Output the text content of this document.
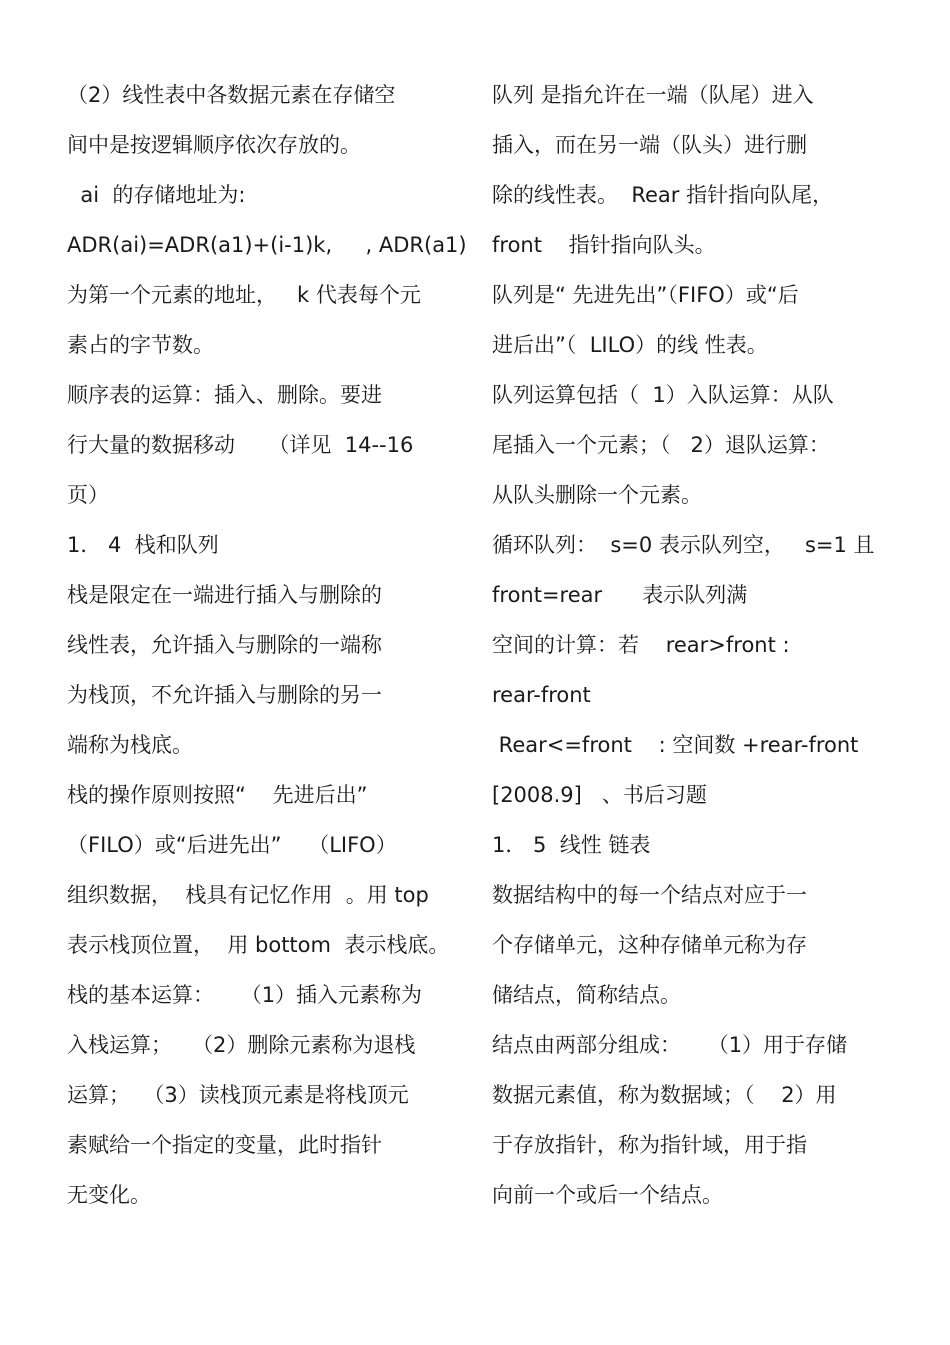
（2）线性表中各数据元素在存储空
间中是按逻辑顺序依次存放的。
ai  的存储地址为:
ADR(ai)=ADR(a1)+(i-1)k,     , ADR(a1)
为第一个元素的地址，   k 代表每个元
素占的字节数。
顺序表的运算：插入、删除。要进
行大量的数据移动     （详见  14--16
页）
1． 4  栈和队列
栈是限定在一端进行插入与删除的
线性表，允许插入与删除的一端称
为栈顶，不允许插入与删除的另一
端称为栈底。
栈的操作原则按照“    先进后出”
（FILO）或“后进先出”    （LIFO）
组织数据，  栈具有记忆作用  。用 top
表示栈顶位置，  用 bottom  表示栈底。
栈的基本运算：    （1）插入元素称为
入栈运算；   （2）删除元素称为退栈
运算；  （3）读栈顶元素是将栈顶元
素赋给一个指定的变量，此时指针
无变化。
队列 是指允许在一端（队尾）进入
插入，而在另一端（队头）进行删
除的线性表。  Rear 指针指向队尾，
front    指针指向队头。
队列是“ 先进先出”（FIFO）或“后
进后出”（  LILO）的线 性表。
队列运算包括（  1）入队运算：从队
尾插入一个元素；（   2）退队运算：
从队头删除一个元素。
循环队列：  s=0 表示队列空，   s=1 且
front=rear      表示队列满
空间的计算：若    rear>front :
rear-front
Rear<=front    : 空间数 +rear-front
[2008.9]   、书后习题
1． 5  线性 链表
数据结构中的每一个结点对应于一
个存储单元，这种存储单元称为存
储结点，简称结点。
结点由两部分组成：    （1）用于存储
数据元素值，称为数据域；（    2）用
于存放指针，称为指针域，用于指
向前一个或后一个结点。
